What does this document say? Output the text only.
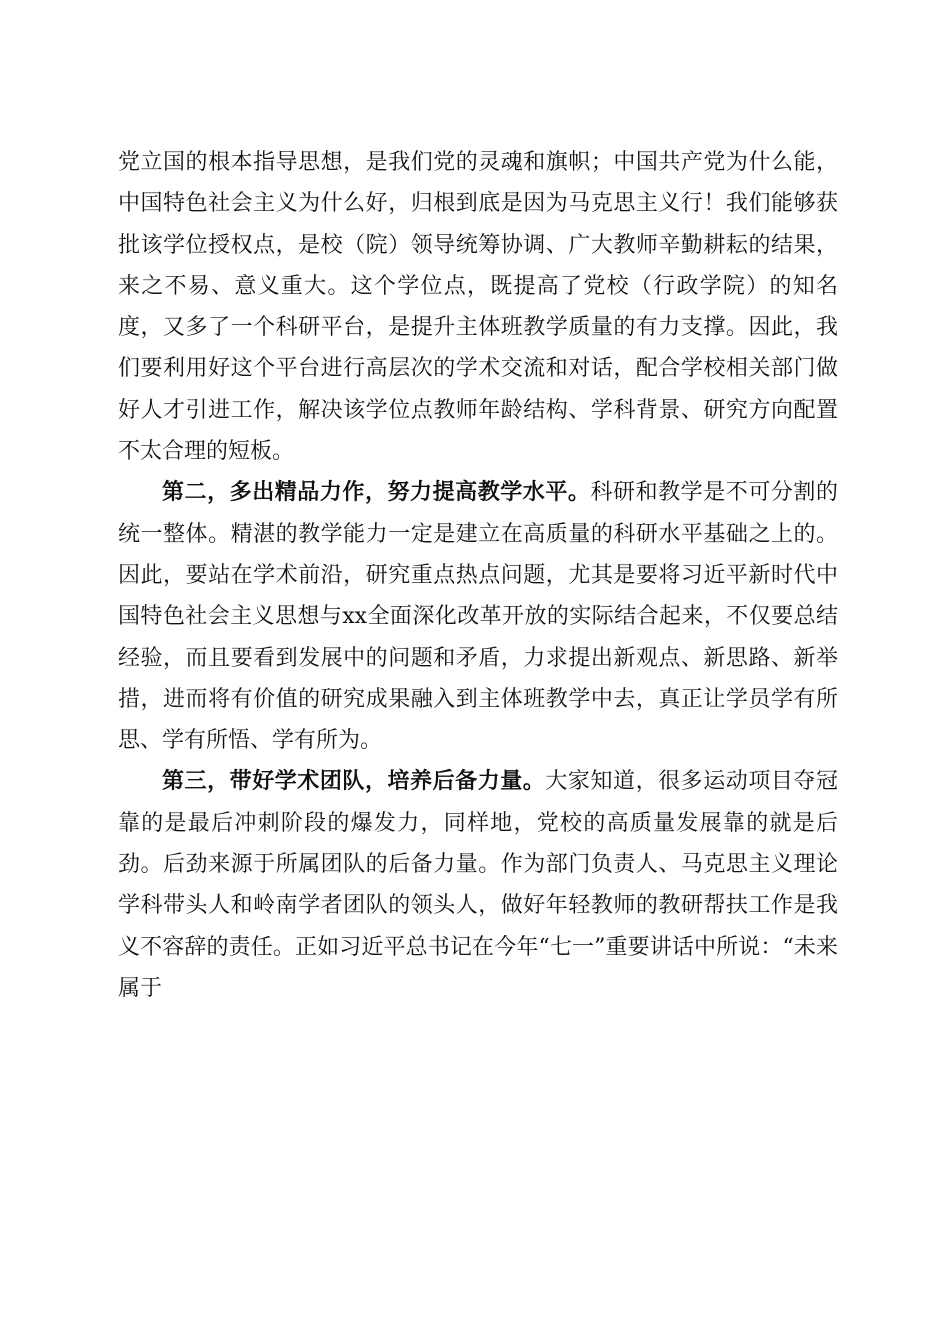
党立国的根本指导思想，是我们党的灵魂和旗帜；中国共产党为什么能，中国特色社会主义为什么好，归根到底是因为马克思主义行！我们能够获批该学位授权点，是校（院）领导统筹协调、广大教师辛勤耕耘的结果，来之不易、意义重大。这个学位点，既提高了党校（行政学院）的知名度，又多了一个科研平台，是提升主体班教学质量的有力支撑。因此，我们要利用好这个平台进行高层次的学术交流和对话，配合学校相关部门做好人才引进工作，解决该学位点教师年龄结构、学科背景、研究方向配置不太合理的短板。

第二，多出精品力作，努力提高教学水平。科研和教学是不可分割的统一整体。精湛的教学能力一定是建立在高质量的科研水平基础之上的。因此，要站在学术前沿，研究重点热点问题，尤其是要将习近平新时代中国特色社会主义思想与xx全面深化改革开放的实际结合起来，不仅要总结经验，而且要看到发展中的问题和矛盾，力求提出新观点、新思路、新举措，进而将有价值的研究成果融入到主体班教学中去，真正让学员学有所思、学有所悟、学有所为。

第三，带好学术团队，培养后备力量。大家知道，很多运动项目夺冠靠的是最后冲刺阶段的爆发力，同样地，党校的高质量发展靠的就是后劲。后劲来源于所属团队的后备力量。作为部门负责人、马克思主义理论学科带头人和岭南学者团队的领头人，做好年轻教师的教研帮扶工作是我义不容辞的责任。正如习近平总书记在今年“七一”重要讲话中所说：“未来属于
